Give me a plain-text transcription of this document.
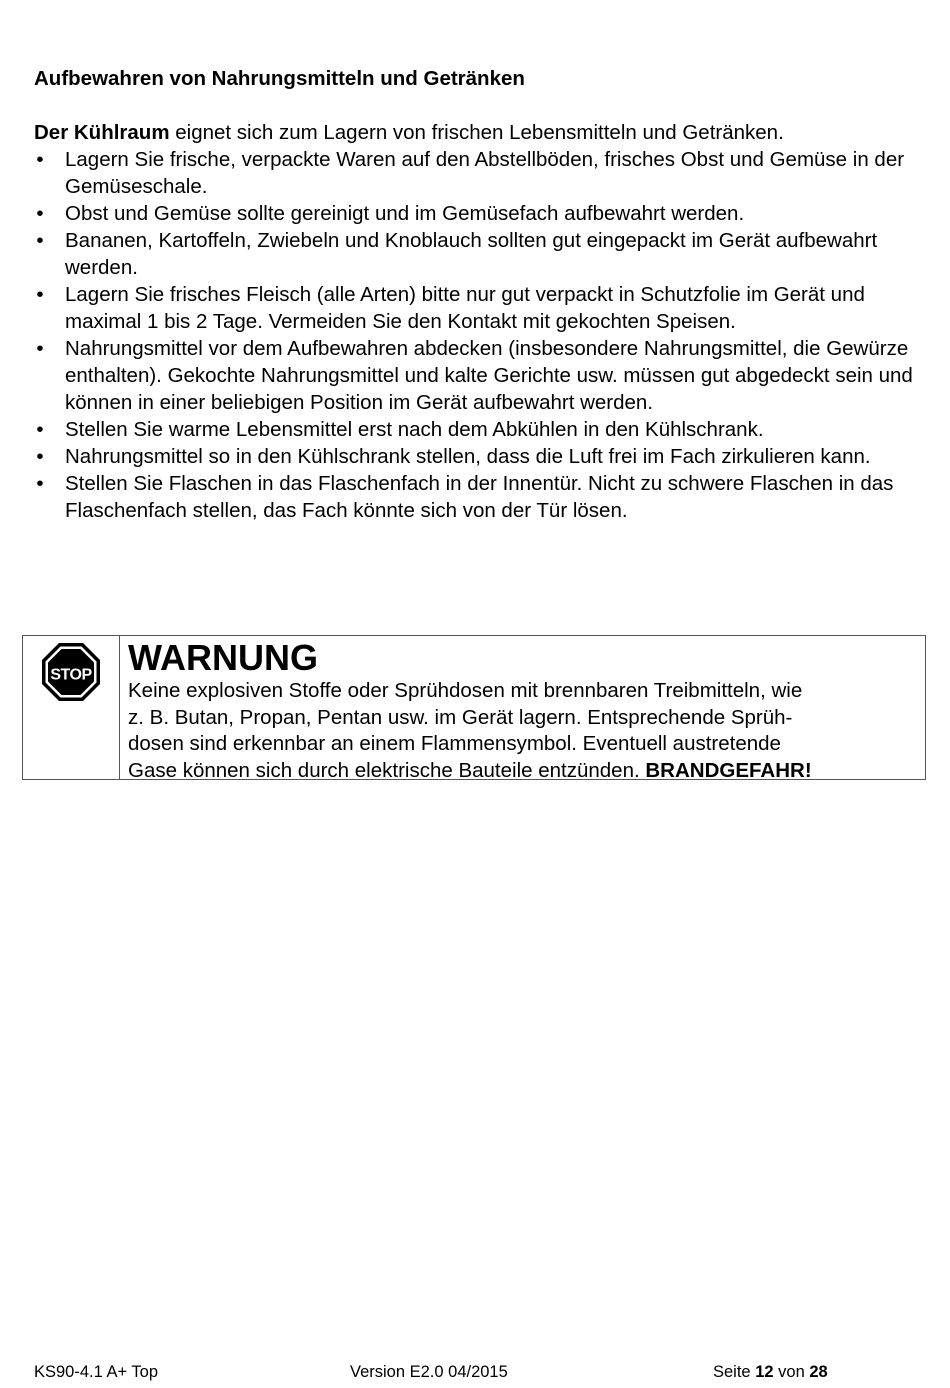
Aufbewahren von Nahrungsmitteln und Getränken

Der Kühlraum eignet sich zum Lagern von frischen Lebensmitteln und Getränken.

• Lagern Sie frische, verpackte Waren auf den Abstellböden, frisches Obst und Gemüse in der Gemüseschale.
• Obst und Gemüse sollte gereinigt und im Gemüsefach aufbewahrt werden.
• Bananen, Kartoffeln, Zwiebeln und Knoblauch sollten gut eingepackt im Gerät aufbewahrt werden.
• Lagern Sie frisches Fleisch (alle Arten) bitte nur gut verpackt in Schutzfolie im Gerät und maximal 1 bis 2 Tage. Vermeiden Sie den Kontakt mit gekochten Speisen.
• Nahrungsmittel vor dem Aufbewahren abdecken (insbesondere Nahrungsmittel, die Gewürze enthalten). Gekochte Nahrungsmittel und kalte Gerichte usw. müssen gut abgedeckt sein und können in einer beliebigen Position im Gerät aufbewahrt werden.
• Stellen Sie warme Lebensmittel erst nach dem Abkühlen in den Kühlschrank.
• Nahrungsmittel so in den Kühlschrank stellen, dass die Luft frei im Fach zirkulieren kann.
• Stellen Sie Flaschen in das Flaschenfach in der Innentür. Nicht zu schwere Flaschen in das Flaschenfach stellen, das Fach könnte sich von der Tür lösen.
STOP WARNUNG

Keine explosiven Stoffe oder Sprühdosen mit brennbaren Treibmitteln, wie
z. B. Butan, Propan, Pentan usw. im Gerät lagern. Entsprechende Sprüh-
dosen sind erkennbar an einem Flammensymbol. Eventuell austretende
Gase können sich durch elektrische Bauteile entzünden. BRANDGEFAHR!

KS90-4.1 A+ Top	Version E2.0 04/2015	Seite 12 von 28
